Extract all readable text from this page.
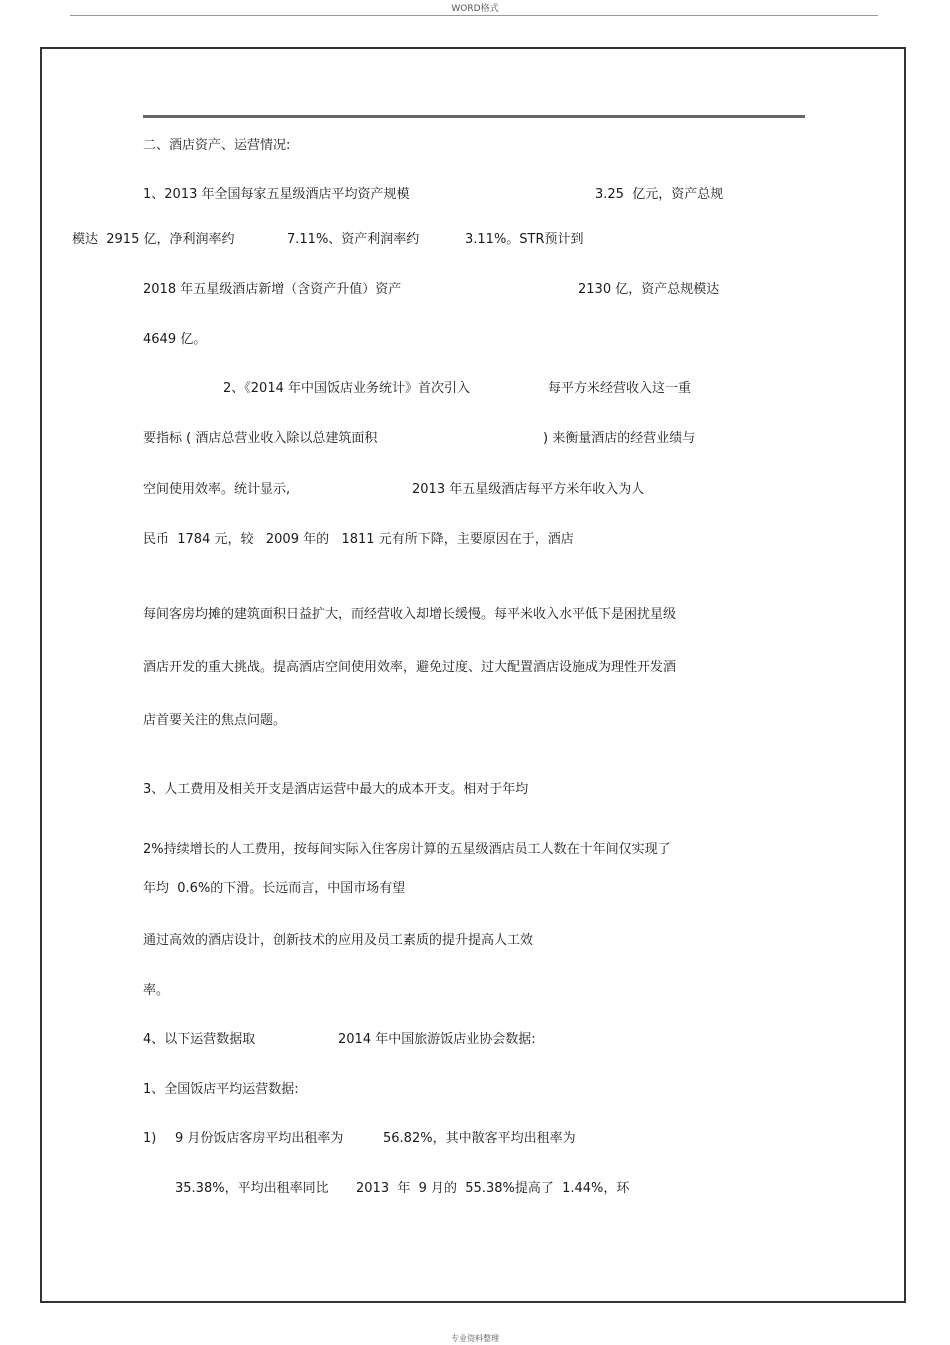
WORD格式
二、酒店资产、运营情况:
1、2013 年全国每家五星级酒店平均资产规模	3.25  亿元，资产总规
模达  2915 亿，净利润率约	7.11%、资产利润率约	3.11%。STR预计到
2018 年五星级酒店新增（含资产升值）资产	2130 亿，资产总规模达
4649 亿。
2、《2014 年中国饭店业务统计》首次引入	每平方米经营收入这一重
要指标 ( 酒店总营业收入除以总建筑面积	) 来衡量酒店的经营业绩与
空间使用效率。统计显示,	2013 年五星级酒店每平方米年收入为人
民币  1784 元，较   2009 年的   1811 元有所下降，主要原因在于，酒店
每间客房均摊的建筑面积日益扩大，而经营收入却增长缓慢。每平米收入水平低下是困扰星级
酒店开发的重大挑战。提高酒店空间使用效率，避免过度、过大配置酒店设施成为理性开发酒
店首要关注的焦点问题。
3、人工费用及相关开支是酒店运营中最大的成本开支。相对于年均
2%持续增长的人工费用，按每间实际入住客房计算的五星级酒店员工人数在十年间仅实现了
年均  0.6%的下滑。长远而言，中国市场有望
通过高效的酒店设计，创新技术的应用及员工素质的提升提高人工效
率。
4、以下运营数据取	2014 年中国旅游饭店业协会数据:
1、全国饭店平均运营数据:
1) 9 月份饭店客房平均出租率为	56.82%，其中散客平均出租率为
35.38%，平均出租率同比 2013  年  9 月的  55.38%提高了  1.44%，环
专业资料整理
